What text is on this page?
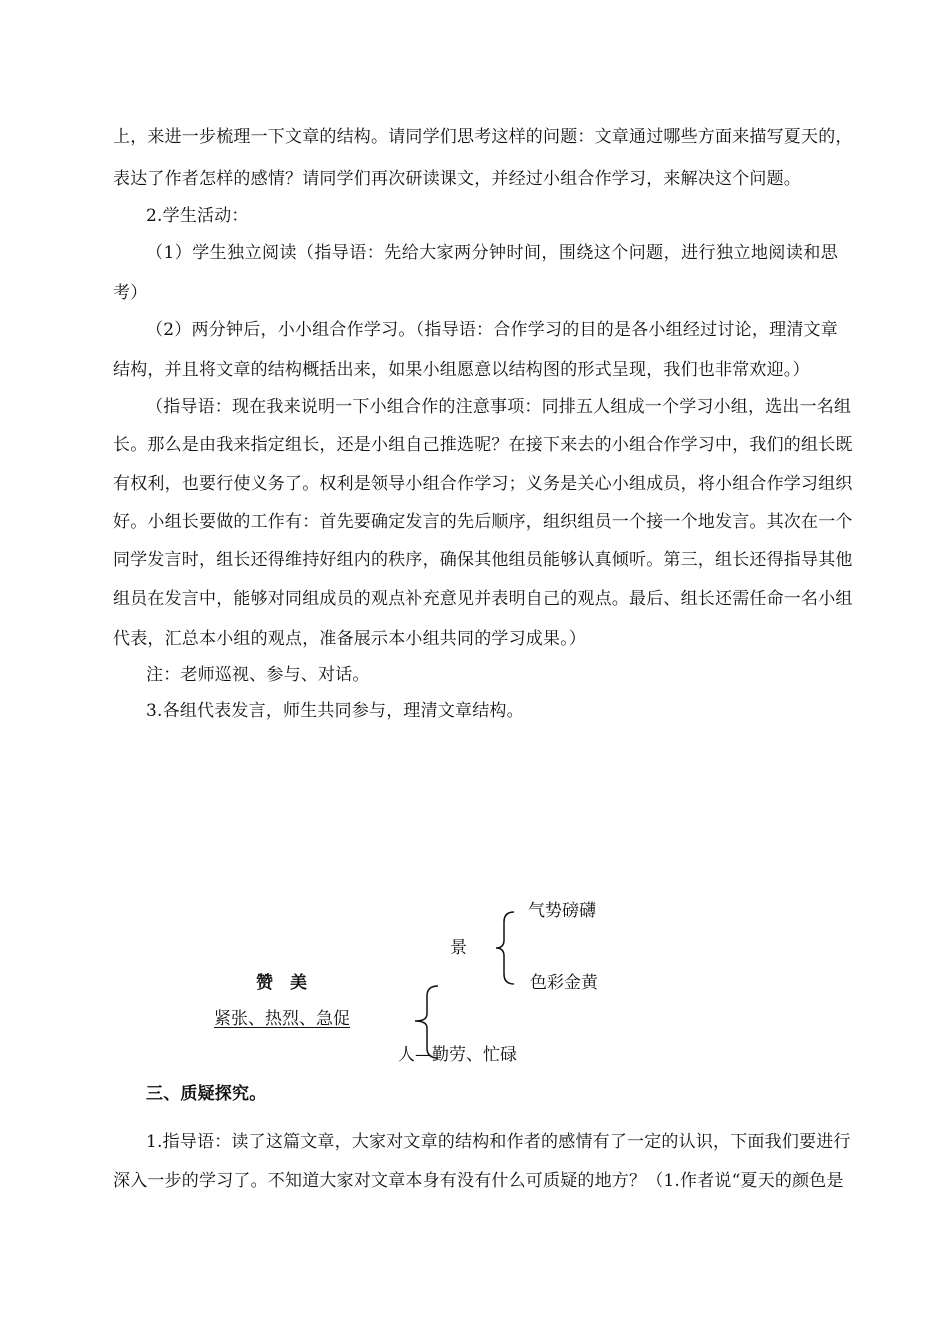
上，来进一步梳理一下文章的结构。请同学们思考这样的问题：文章通过哪些方面来描写夏天的，
表达了作者怎样的感情？请同学们再次研读课文，并经过小组合作学习，来解决这个问题。
2.学生活动：
（1）学生独立阅读（指导语：先给大家两分钟时间，围绕这个问题，进行独立地阅读和思
考）
（2）两分钟后，小小组合作学习。（指导语：合作学习的目的是各小组经过讨论，理清文章
结构，并且将文章的结构概括出来，如果小组愿意以结构图的形式呈现，我们也非常欢迎。）
（指导语：现在我来说明一下小组合作的注意事项：同排五人组成一个学习小组，选出一名组
长。那么是由我来指定组长，还是小组自己推选呢？在接下来去的小组合作学习中，我们的组长既
有权利，也要行使义务了。权利是领导小组合作学习；义务是关心小组成员，将小组合作学习组织
好。小组长要做的工作有：首先要确定发言的先后顺序，组织组员一个接一个地发言。其次在一个
同学发言时，组长还得维持好组内的秩序，确保其他组员能够认真倾听。第三，组长还得指导其他
组员在发言中，能够对同组成员的观点补充意见并表明自己的观点。最后、组长还需任命一名小组
代表，汇总本小组的观点，准备展示本小组共同的学习成果。）
注：老师巡视、参与、对话。
3.各组代表发言，师生共同参与，理清文章结构。
赞　美
紧张、热烈、急促
景
气势磅礴
色彩金黄
人—勤劳、忙碌
三、质疑探究。
1.指导语：读了这篇文章，大家对文章的结构和作者的感情有了一定的认识，下面我们要进行
深入一步的学习了。不知道大家对文章本身有没有什么可质疑的地方？（1.作者说“夏天的颜色是
